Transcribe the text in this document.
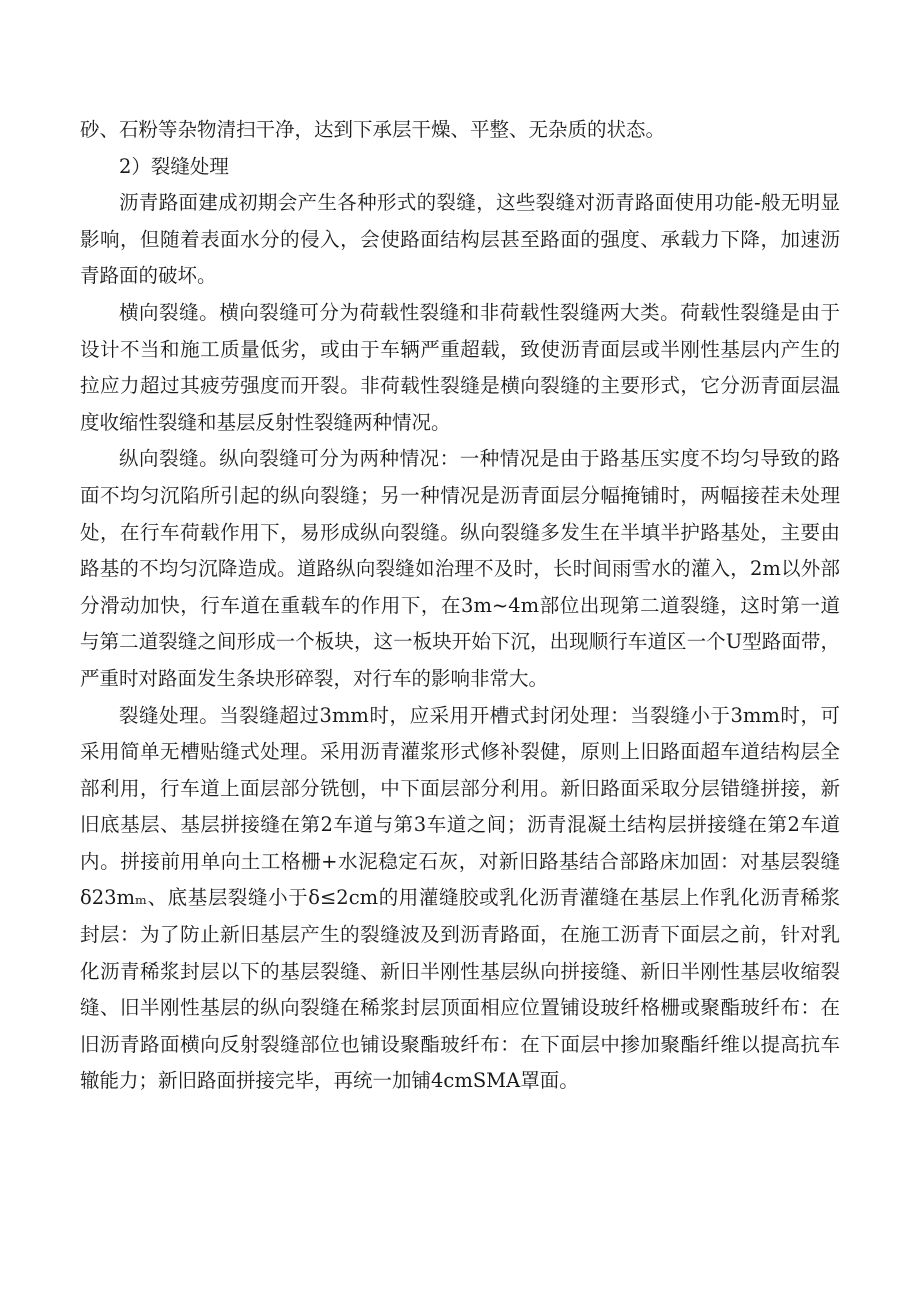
砂、石粉等杂物清扫干净，达到下承层干燥、平整、无杂质的状态。

2）裂缝处理

沥青路面建成初期会产生各种形式的裂缝，这些裂缝对沥青路面使用功能-般无明显影响，但随着表面水分的侵入，会使路面结构层甚至路面的强度、承载力下降，加速沥青路面的破坏。

横向裂缝。横向裂缝可分为荷载性裂缝和非荷载性裂缝两大类。荷载性裂缝是由于设计不当和施工质量低劣，或由于车辆严重超载，致使沥青面层或半刚性基层内产生的拉应力超过其疲劳强度而开裂。非荷载性裂缝是横向裂缝的主要形式，它分沥青面层温度收缩性裂缝和基层反射性裂缝两种情况。

纵向裂缝。纵向裂缝可分为两种情况：一种情况是由于路基压实度不均匀导致的路面不均匀沉陷所引起的纵向裂缝；另一种情况是沥青面层分幅掩铺时，两幅接茬未处理处，在行车荷载作用下，易形成纵向裂缝。纵向裂缝多发生在半填半护路基处，主要由路基的不均匀沉降造成。道路纵向裂缝如治理不及时，长时间雨雪水的灌入，2m以外部分滑动加快，行车道在重载车的作用下，在3m~4m部位出现第二道裂缝，这时第一道与第二道裂缝之间形成一个板块，这一板块开始下沉，出现顺行车道区一个U型路面带，严重时对路面发生条块形碎裂，对行车的影响非常大。

裂缝处理。当裂缝超过3mm时，应采用开槽式封闭处理：当裂缝小于3mm时，可采用简单无槽贴缝式处理。采用沥青灌浆形式修补裂健，原则上旧路面超车道结构层全部利用，行车道上面层部分铣刨，中下面层部分利用。新旧路面采取分层错缝拼接，新旧底基层、基层拼接缝在第2车道与第3车道之间；沥青混凝土结构层拼接缝在第2车道内。拼接前用单向土工格栅+水泥稳定石灰，对新旧路基结合部路床加固：对基层裂缝δ23mₘ、底基层裂缝小于δ≤2cm的用灌缝胶或乳化沥青灌缝在基层上作乳化沥青稀浆封层：为了防止新旧基层产生的裂缝波及到沥青路面，在施工沥青下面层之前，针对乳化沥青稀浆封层以下的基层裂缝、新旧半刚性基层纵向拼接缝、新旧半刚性基层收缩裂缝、旧半刚性基层的纵向裂缝在稀浆封层顶面相应位置铺设玻纤格栅或聚酯玻纤布：在旧沥青路面横向反射裂缝部位也铺设聚酯玻纤布：在下面层中掺加聚酯纤维以提高抗车辙能力；新旧路面拼接完毕，再统一加铺4cmSMA罩面。
